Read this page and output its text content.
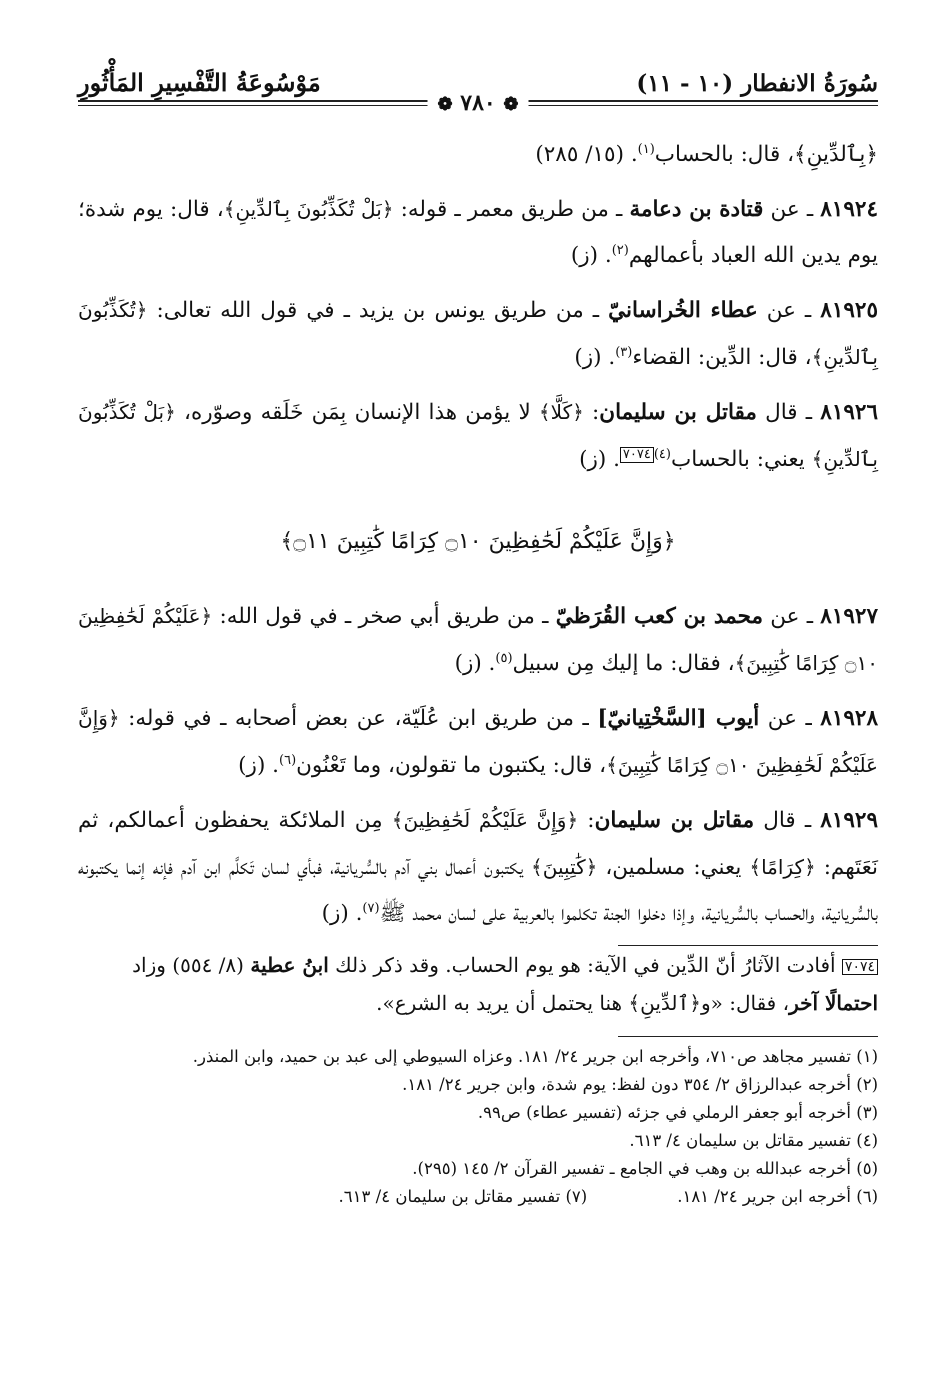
سُورَةُ الانفطار (١٠ - ١١)
مَوْسُوعَةُ التَّفْسِيرِ المَأْثُورِ
❁ ٧٨٠ ❁

﴿بِٱلدِّينِ﴾، قال: بالحساب$^{(١)}$. (١٥/ ٢٨٥)

٨١٩٢٤ ـ عن قتادة بن دعامة ـ من طريق معمر ـ قوله: ﴿بَلْ تُكَذِّبُونَ بِٱلدِّينِ﴾، قال: يوم شدة؛ يوم يدين الله العباد بأعمالهم$^{(٢)}$. (ز)

٨١٩٢٥ ـ عن عطاء الخُراسانيّ ـ من طريق يونس بن يزيد ـ في قول الله تعالى: ﴿تُكَذِّبُونَ بِٱلدِّينِ﴾، قال: الدِّين: القضاء$^{(٣)}$. (ز)

٨١٩٢٦ ـ قال مقاتل بن سليمان: ﴿كَلَّا﴾ لا يؤمن هذا الإنسان بِمَن خَلَقه وصوّره، ﴿بَلْ تُكَذِّبُونَ بِٱلدِّينِ﴾ يعني: بالحساب$^{(٤)}$٧٠٧٤. (ز)

﴿وَإِنَّ عَلَيْكُمْ لَحَٰفِظِينَ ۝١٠ كِرَامًا كَٰتِبِينَ ۝١١﴾

٨١٩٢٧ ـ عن محمد بن كعب القُرَظيّ ـ من طريق أبي صخر ـ في قول الله: ﴿عَلَيْكُمْ لَحَٰفِظِينَ ۝١٠ كِرَامًا كَٰتِبِينَ﴾، فقال: ما إليك مِن سبيل$^{(٥)}$. (ز)

٨١٩٢٨ ـ عن أيوب [السَّخْتِيانيّ] ـ من طريق ابن عُلَيّة، عن بعض أصحابه ـ في قوله: ﴿وَإِنَّ عَلَيْكُمْ لَحَٰفِظِينَ ۝١٠ كِرَامًا كَٰتِبِينَ﴾، قال: يكتبون ما تقولون، وما تَعْنُون$^{(٦)}$. (ز)

٨١٩٢٩ ـ قال مقاتل بن سليمان: ﴿وَإِنَّ عَلَيْكُمْ لَحَٰفِظِينَ﴾ مِن الملائكة يحفظون أعمالكم، ثم نَعَتَهم: ﴿كِرَامًا﴾ يعني: مسلمين، ﴿كَٰتِبِينَ﴾ يكتبون أعمال بني آدم بالسُّريانية، فبأي لسان تَكلَّم ابن آدم فإنه إنما يكتبونه بالسُّريانية، والحساب بالسُّريانية، وإذا دخلوا الجنة تكلموا بالعربية على لسان محمد ﷺ$^{(٧)}$. (ز)

٧٠٧٤ أفادت الآثارُ أنّ الدِّين في الآية: هو يوم الحساب. وقد ذكر ذلك ابنُ عطية (٨/ ٥٥٤) وزاد احتمالًا آخر، فقال: «و﴿ٱلدِّينِ﴾ هنا يحتمل أن يريد به الشرع».
(١) تفسير مجاهد ص٧١٠، وأخرجه ابن جرير ٢٤/ ١٨١. وعزاه السيوطي إلى عبد بن حميد، وابن المنذر.
(٢) أخرجه عبدالرزاق ٢/ ٣٥٤ دون لفظ: يوم شدة، وابن جرير ٢٤/ ١٨١.
(٣) أخرجه أبو جعفر الرملي في جزئه (تفسير عطاء) ص٩٩.
(٤) تفسير مقاتل بن سليمان ٤/ ٦١٣.
(٥) أخرجه عبدالله بن وهب في الجامع ـ تفسير القرآن ٢/ ١٤٥ (٢٩٥).
(٦) أخرجه ابن جرير ٢٤/ ١٨١.
(٧) تفسير مقاتل بن سليمان ٤/ ٦١٣.
